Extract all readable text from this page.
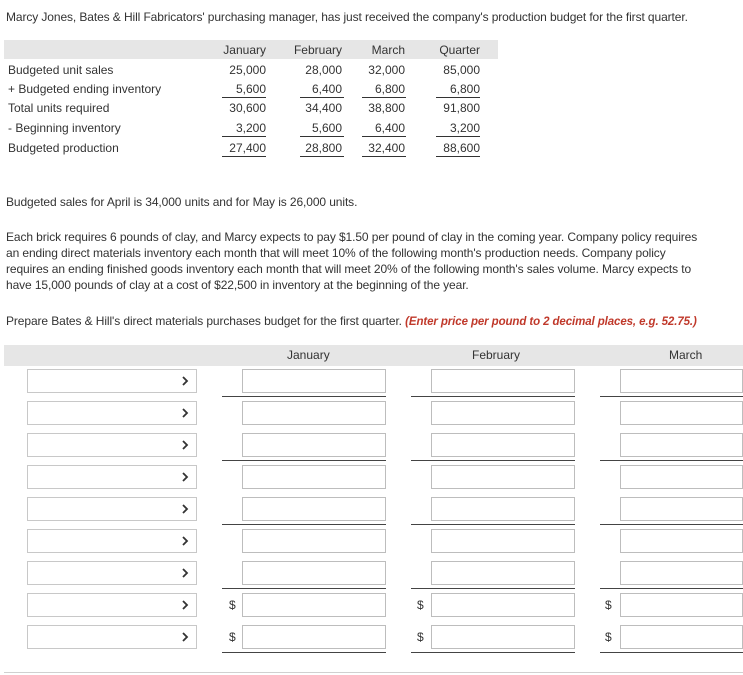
Marcy Jones, Bates & Hill Fabricators' purchasing manager, has just received the company's production budget for the first quarter.
January February March	Quarter
Budgeted unit sales	25,000	28,000 32,000	85,000
+ Budgeted ending inventory	5,600	6,400	6,800	6,800
Total units required	30,600	34,400 38,800	91,800
- Beginning inventory	3,200	5,600	6,400	3,200
Budgeted production	27,400	28,800 32,400	88,600
Budgeted sales for April is 34,000 units and for May is 26,000 units.
Each brick requires 6 pounds of clay, and Marcy expects to pay $1.50 per pound of clay in the coming year. Company policy requires
an ending direct materials inventory each month that will meet 10% of the following month's production needs. Company policy
requires an ending finished goods inventory each month that will meet 20% of the following month's sales volume. Marcy expects to
have 15,000 pounds of clay at a cost of $22,500 in inventory at the beginning of the year.
Prepare Bates & Hill's direct materials purchases budget for the first quarter. (Enter price per pound to 2 decimal places, e.g. 52.75.)
January	February	March
$	$	$
$	$	$
